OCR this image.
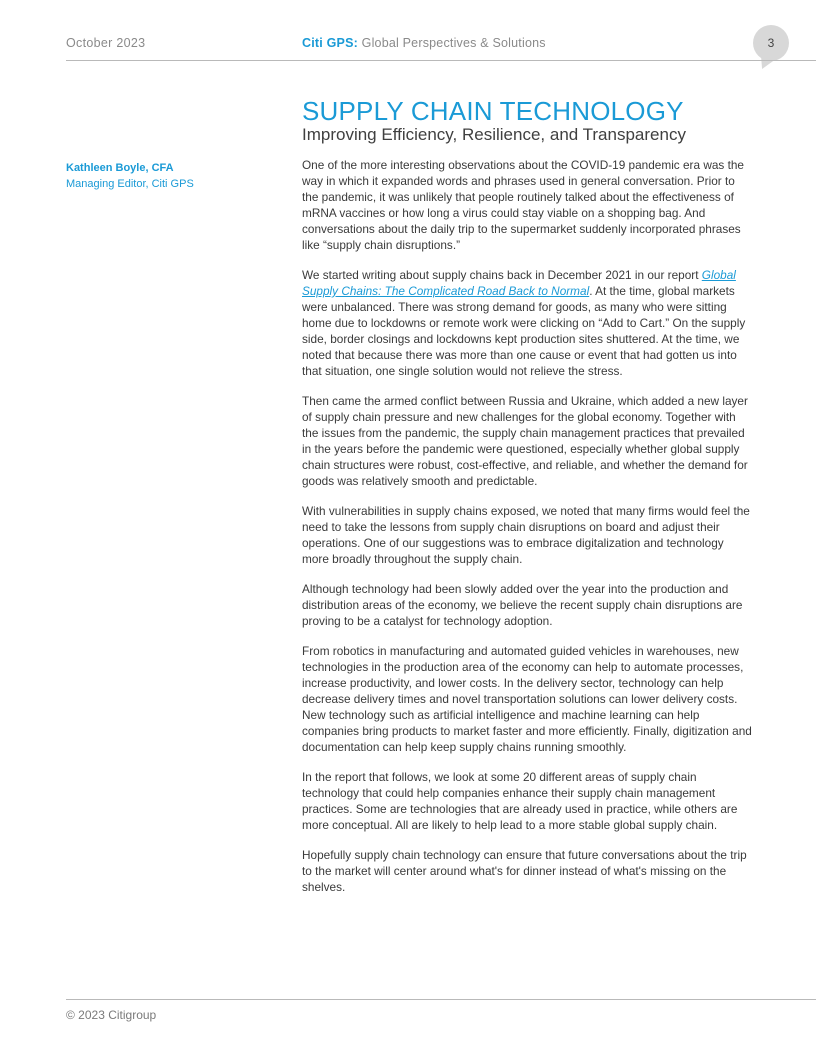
October 2023	Citi GPS: Global Perspectives & Solutions	3
SUPPLY CHAIN TECHNOLOGY
Improving Efficiency, Resilience, and Transparency
Kathleen Boyle, CFA
Managing Editor, Citi GPS

One of the more interesting observations about the COVID-19 pandemic era was the way in which it expanded words and phrases used in general conversation. Prior to the pandemic, it was unlikely that people routinely talked about the effectiveness of mRNA vaccines or how long a virus could stay viable on a shopping bag. And conversations about the daily trip to the supermarket suddenly incorporated phrases like “supply chain disruptions.”

We started writing about supply chains back in December 2021 in our report Global Supply Chains: The Complicated Road Back to Normal. At the time, global markets were unbalanced. There was strong demand for goods, as many who were sitting home due to lockdowns or remote work were clicking on “Add to Cart.” On the supply side, border closings and lockdowns kept production sites shuttered. At the time, we noted that because there was more than one cause or event that had gotten us into that situation, one single solution would not relieve the stress.

Then came the armed conflict between Russia and Ukraine, which added a new layer of supply chain pressure and new challenges for the global economy. Together with the issues from the pandemic, the supply chain management practices that prevailed in the years before the pandemic were questioned, especially whether global supply chain structures were robust, cost-effective, and reliable, and whether the demand for goods was relatively smooth and predictable.

With vulnerabilities in supply chains exposed, we noted that many firms would feel the need to take the lessons from supply chain disruptions on board and adjust their operations. One of our suggestions was to embrace digitalization and technology more broadly throughout the supply chain.

Although technology had been slowly added over the year into the production and distribution areas of the economy, we believe the recent supply chain disruptions are proving to be a catalyst for technology adoption.

From robotics in manufacturing and automated guided vehicles in warehouses, new technologies in the production area of the economy can help to automate processes, increase productivity, and lower costs. In the delivery sector, technology can help decrease delivery times and novel transportation solutions can lower delivery costs. New technology such as artificial intelligence and machine learning can help companies bring products to market faster and more efficiently. Finally, digitization and documentation can help keep supply chains running smoothly.

In the report that follows, we look at some 20 different areas of supply chain technology that could help companies enhance their supply chain management practices. Some are technologies that are already used in practice, while others are more conceptual. All are likely to help lead to a more stable global supply chain.

Hopefully supply chain technology can ensure that future conversations about the trip to the market will center around what's for dinner instead of what's missing on the shelves.

© 2023 Citigroup
